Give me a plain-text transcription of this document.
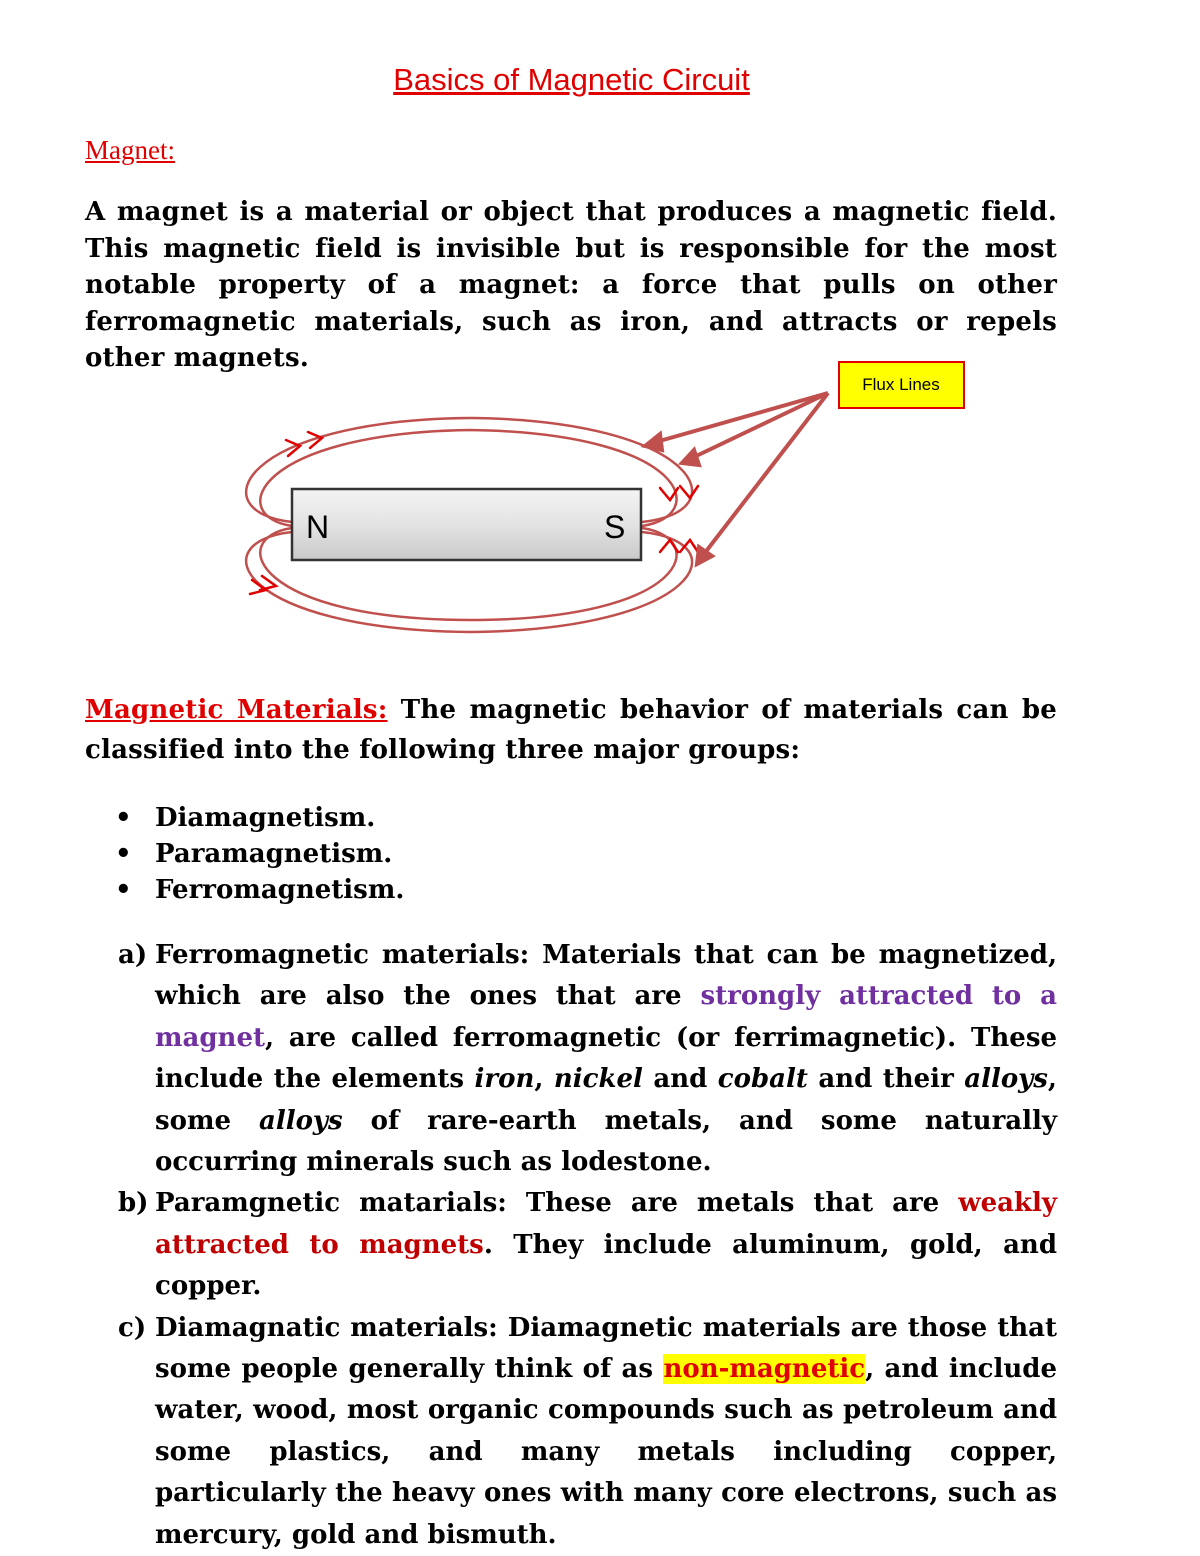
Basics of Magnetic Circuit
Magnet:

A magnet is a material or object that produces a magnetic field. This magnetic field is invisible but is responsible for the most notable property of a magnet: a force that pulls on other ferromagnetic materials, such as iron, and attracts or repels other magnets.

N	S
Flux Lines

Magnetic Materials: The magnetic behavior of materials can be classified into the following three major groups:

• Diamagnetism.
• Paramagnetism.
• Ferromagnetism.
a) Ferromagnetic materials: Materials that can be magnetized, which are also the ones that are strongly attracted to a magnet, are called ferromagnetic (or ferrimagnetic). These include the elements iron, nickel and cobalt and their alloys, some alloys of rare-earth metals, and some naturally occurring minerals such as lodestone.
b) Paramgnetic matarials: These are metals that are weakly attracted to magnets. They include aluminum, gold, and copper.
c) Diamagnatic materials: Diamagnetic materials are those that some people generally think of as non-magnetic, and include water, wood, most organic compounds such as petroleum and some plastics, and many metals including copper, particularly the heavy ones with many core electrons, such as mercury, gold and bismuth.
